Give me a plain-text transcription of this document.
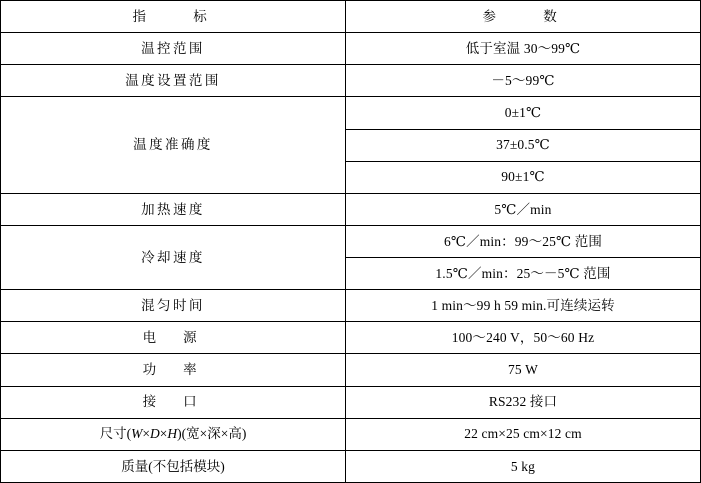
指　　标	参　　数
温控范围	低于室温 30～99℃
温度设置范围	－5～99℃
温度准确度	0±1℃
	37±0.5℃
	90±1℃
加热速度	5℃／min
冷却速度	6℃／min：99～25℃ 范围
	1.5℃／min：25～－5℃ 范围
混匀时间	1 min～99 h 59 min.可连续运转
电　源	100～240 V，50～60 Hz
功　率	75 W
接　口	RS232 接口
尺寸(W×D×H)(宽×深×高)	22 cm×25 cm×12 cm
质量(不包括模块)	5 kg
